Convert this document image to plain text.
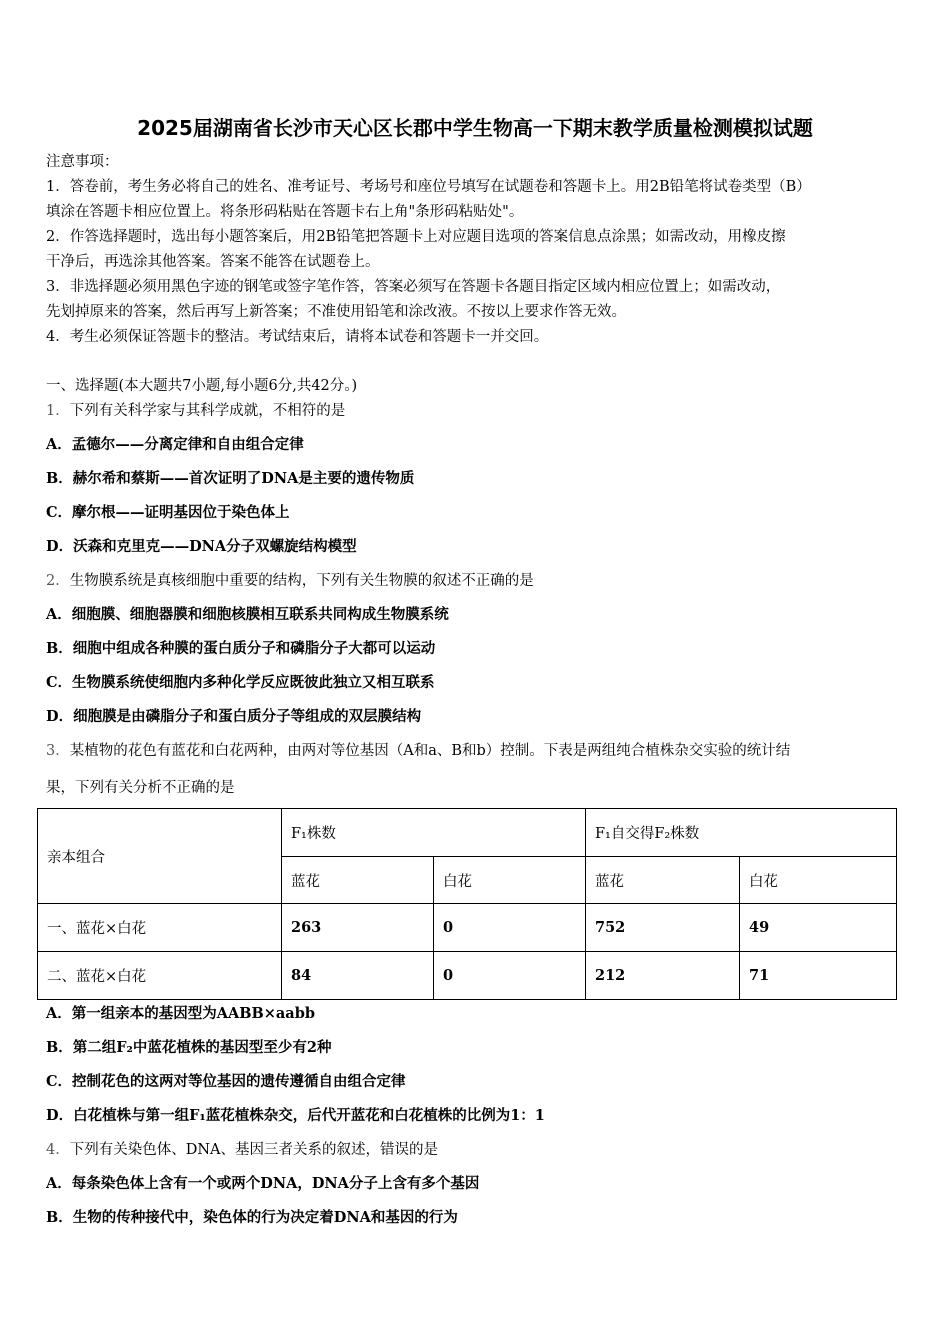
2025届湖南省长沙市天心区长郡中学生物高一下期末教学质量检测模拟试题
注意事项：
1．答卷前，考生务必将自己的姓名、准考证号、考场号和座位号填写在试题卷和答题卡上。用2B铅笔将试卷类型（B）
填涂在答题卡相应位置上。将条形码粘贴在答题卡右上角"条形码粘贴处"。
2．作答选择题时，选出每小题答案后，用2B铅笔把答题卡上对应题目选项的答案信息点涂黑；如需改动，用橡皮擦
干净后，再选涂其他答案。答案不能答在试题卷上。
3．非选择题必须用黑色字迹的钢笔或签字笔作答，答案必须写在答题卡各题目指定区域内相应位置上；如需改动，
先划掉原来的答案，然后再写上新答案；不准使用铅笔和涂改液。不按以上要求作答无效。
4．考生必须保证答题卡的整洁。考试结束后，请将本试卷和答题卡一并交回。
一、选择题(本大题共7小题,每小题6分,共42分。)
1．下列有关科学家与其科学成就，不相符的是
A．孟德尔——分离定律和自由组合定律
B．赫尔希和蔡斯——首次证明了DNA是主要的遗传物质
C．摩尔根——证明基因位于染色体上
D．沃森和克里克——DNA分子双螺旋结构模型
2．生物膜系统是真核细胞中重要的结构，下列有关生物膜的叙述不正确的是
A．细胞膜、细胞器膜和细胞核膜相互联系共同构成生物膜系统
B．细胞中组成各种膜的蛋白质分子和磷脂分子大都可以运动
C．生物膜系统使细胞内多种化学反应既彼此独立又相互联系
D．细胞膜是由磷脂分子和蛋白质分子等组成的双层膜结构
3．某植物的花色有蓝花和白花两种，由两对等位基因（A和a、B和b）控制。下表是两组纯合植株杂交实验的统计结
果，下列有关分析不正确的是
亲本组合	F₁株数		F₁自交得F₂株数	
	蓝花	白花	蓝花	白花
一、蓝花×白花	263	0	752	49
二、蓝花×白花	84	0	212	71
A．第一组亲本的基因型为AABB×aabb
B．第二组F₂中蓝花植株的基因型至少有2种
C．控制花色的这两对等位基因的遗传遵循自由组合定律
D．白花植株与第一组F₁蓝花植株杂交，后代开蓝花和白花植株的比例为1：1
4．下列有关染色体、DNA、基因三者关系的叙述，错误的是
A．每条染色体上含有一个或两个DNA，DNA分子上含有多个基因
B．生物的传种接代中，染色体的行为决定着DNA和基因的行为
